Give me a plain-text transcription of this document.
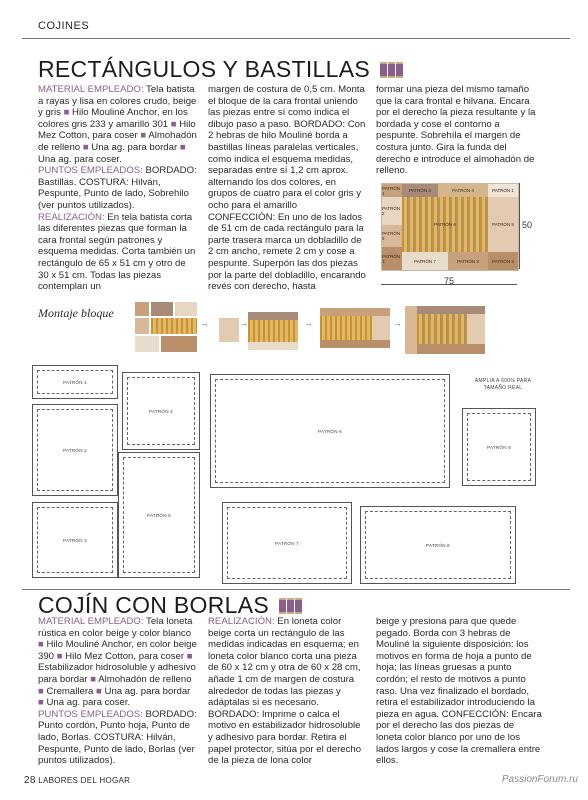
COJINES
RECTÁNGULOS Y BASTILLAS

MATERIAL EMPLEADO: Tela batista a rayas y lisa en colores crudo, beige y gris ■ Hilo Mouliné Anchor, en los colores gris 233 y amarillo 301 ■ Hilo Mez Cotton, para coser ■ Almohadón de relleno ■ Una ag. para bordar ■ Una ag. para coser.

PUNTOS EMPLEADOS: BORDADO: Bastillas. COSTURA: Hilván, Pespunte, Punto de lado, Sobrehilo (ver puntos utilizados).

REALIZACIÓN: En tela batista corta las diferentes piezas que forman la cara frontal según patrones y esquema medidas. Corta también un rectángulo de 65 x 51 cm y otro de 30 x 51 cm. Todas las piezas contemplan un

margen de costura de 0,5 cm. Monta el bloque de la cara frontal uniendo las piezas entre sí como indica el dibujo paso a paso. BORDADO: Con 2 hebras de hilo Mouliné borda a bastillas líneas paralelas verticales, como indica el esquema medidas, separadas entre sí 1,2 cm aprox. alternando los dos colores, en grupos de cuatro para el color gris y ocho para el amarillo CONFECCIÓN: En uno de los lados de 51 cm de cada rectángulo para la parte trasera marca un dobladillo de 2 cm ancho, remete 2 cm y cose a pespunte. Superpón las dos piezas por la parte del dobladillo, encarando revés con derecho, hasta
formar una pieza del mismo tamaño que la cara frontal e hilvana. Encara por el derecho la pieza resultante y la bordada y cose el contorno a pespunte. Sobrehíla el margen de costura junto. Gira la funda del derecho e introduce el almohadón de relleno.
PATRÓN 1
PATRÓN 2
PATRÓN 5
PATRÓN 3
PATRÓN 4	PATRÓN 4
PATRÓN 6
PATRÓN 7	PATRÓN 8
PATRÓN 1
PATRÓN 9
PATRÓN 3
50
75
Montaje bloque
→	→	→	→
PATRÓN 1
PATRÓN 2
PATRÓN 3
PATRÓN 4
PATRÓN 5
PATRÓN 6
PATRÓN 7	PATRÓN 8
PATRÓN 9
AMPLIA A 600% PARA
TAMAÑO REAL
COJÍN CON BORLAS

MATERIAL EMPLEADO: Tela loneta rústica en color beige y color blanco ■ Hilo Mouliné Anchor, en color beige 390 ■ Hilo Mez Cotton, para coser ■ Estabilizador hidrosoluble y adhesivo para bordar ■ Almohadón de relleno ■ Cremallera ■ Una ag. para bordar ■ Una ag. para coser.

PUNTOS EMPLEADOS: BORDADO: Punto cordón, Punto hoja, Punto de lado, Borlas. COSTURA: Hilván, Pespunte, Punto de lado, Borlas (ver puntos utilizados).

REALIZACIÓN: En loneta color beige corta un rectángulo de las medidas indicadas en esquema; en loneta color blanco corta una pieza de 60 x 12 cm y otra de 60 x 28 cm, añade 1 cm de margen de costura alrededor de todas las piezas y adáptalas si es necesario. BORDADO: Imprime o calca el motivo en estabilizador hidrosoluble y adhesivo para bordar. Retira el papel protector, sitúa por el derecho de la pieza de lona color

beige y presiona para que quede pegado. Borda con 3 hebras de Mouliné la siguiente disposición: los motivos en forma de hoja a punto de hoja; las líneas gruesas a punto cordón; el resto de motivos a punto raso. Una vez finalizado el bordado, retira el estabilizador introduciendo la pieza en agua. CONFECCIÓN: Encara por el derecho las dos piezas de loneta color blanco por uno de los lados largos y cose la cremallera entre ellos.
28 LABORES DEL HOGAR	PassionForum.ru
